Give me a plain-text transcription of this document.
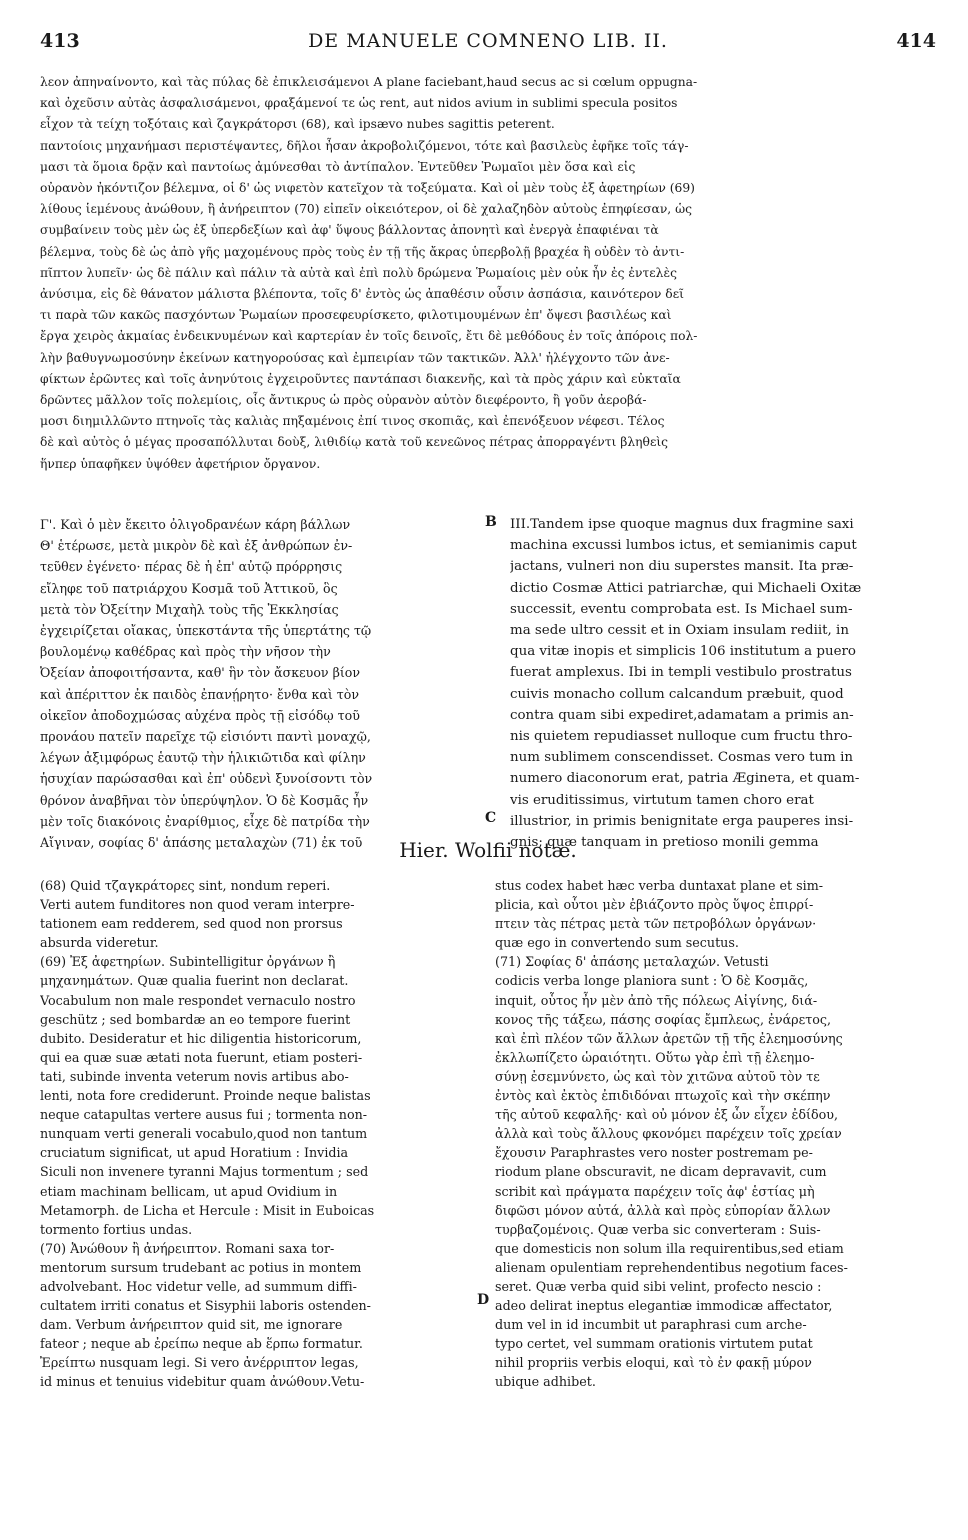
413	DE MANUELE COMNENO LIB. II.	414
λεον ἀπηναίνοντο, καὶ τὰς πύλας δὲ ἐπικλεισάμενοι A plane faciebant,haud secus ac si cœlum oppugna-
καὶ ὀχεῦσιν αὐτὰς ἀσφαλισάμενοι, φραξάμενοί τε ὡς rent, aut nidos avium in sublimi specula positos
εἶχον τὰ τείχη τοξόταις καὶ ζαγκράτορσι (68), καὶ ipsævo nubes sagittis peterent.
παντοίοις μηχανήμασι περιστέψαντες, δῆλοι ἦσαν ἀκροβολιζόμενοι, τότε καὶ βασιλεὺς ἐφῆκε τοῖς τάγ-
μασι τὰ ὅμοια δρᾷν καὶ παντοίως ἀμύνεσθαι τὸ ἀντίπαλον. Ἐντεῦθεν Ῥωμαῖοι μὲν ὅσα καὶ εἰς
οὐρανὸν ἠκόντιζον βέλεμνα, οἱ δ' ὡς νιφετὸν κατεῖχον τὰ τοξεύματα. Καὶ οἱ μὲν τοὺς ἐξ ἀφετηρίων (69)
λίθους ἱεμένους ἀνώθουν, ἢ ἀνήρειπτον (70) εἰπεῖν οἰκειότερον, οἱ δὲ χαλαζηδὸν αὐτοὺς ἐπηφίεσαν, ὡς
συμβαίνειν τοὺς μὲν ὡς ἐξ ὑπερδεξίων καὶ ἀφ' ὕψους βάλλοντας ἀπονητὶ καὶ ἐνεργὰ ἐπαφιέναι τὰ
βέλεμνα, τοὺς δὲ ὡς ἀπὸ γῆς μαχομένους πρὸς τοὺς ἐν τῇ τῆς ἄκρας ὑπερβολῇ βραχέα ἢ οὐδὲν τὸ ἀντι-
πῖπτον λυπεῖν· ὡς δὲ πάλιν καὶ πάλιν τὰ αὐτὰ καὶ ἐπὶ πολὺ δρώμενα Ῥωμαίοις μὲν οὐκ ἦν ἐς ἐντελὲς
ἀνύσιμα, εἰς δὲ θάνατον μάλιστα βλέποντα, τοῖς δ' ἐντὸς ὡς ἀπαθέσιν οὖσιν ἀσπάσια, καινότερον δεῖ
τι παρὰ τῶν κακῶς πασχόντων Ῥωμαίων προσεφευρίσκετο, φιλοτιμουμένων ἐπ' ὄψεσι βασιλέως καὶ
ἔργα χειρὸς ἀκμαίας ἐνδεικνυμένων καὶ καρτερίαν ἐν τοῖς δεινοῖς, ἔτι δὲ μεθόδους ἐν τοῖς ἀπόροις πολ-
λὴν βαθυγνωμοσύνην ἐκείνων κατηγορούσας καὶ ἐμπειρίαν τῶν τακτικῶν. Ἀλλ' ἠλέγχοντο τῶν ἀνε-
φίκτων ἐρῶντες καὶ τοῖς ἀνηνύτοις ἐγχειροῦντες παντάπασι διακενῆς, καὶ τὰ πρὸς χάριν καὶ εὐκταῖα
δρῶντες μᾶλλον τοῖς πολεμίοις, οἷς ἄντικρυς ὡ πρὸς οὐρανὸν αὐτὸν διεφέροντο, ἢ γοῦν ἀεροβά-
μοσι διημιλλῶντο πτηνοῖς τὰς καλιὰς πηξαμένοις ἐπί τινος σκοπιᾶς, καὶ ἐπενόξευον νέφεσι. Τέλος
δὲ καὶ αὐτὸς ὁ μέγας προσαπόλλυται δοὺξ, λιθιδίῳ κατὰ τοῦ κενεῶνος πέτρας ἀπορραγέντι βληθεὶς
ἥνπερ ὑπαφῆκεν ὑψόθεν ἀφετήριον ὄργανον.
Γ'. Καὶ ὁ μὲν ἔκειτο ὀλιγοδρανέων κάρη βάλλων
Θ' ἑτέρωσε, μετὰ μικρὸν δὲ καὶ ἐξ ἀνθρώπων ἐν-
τεῦθεν ἐγένετο· πέρας δὲ ἡ ἐπ' αὐτῷ πρόρρησις
εἴληφε τοῦ πατριάρχου Κοσμᾶ τοῦ Ἀττικοῦ, ὃς
μετὰ τὸν Ὀξείτην Μιχαὴλ τοὺς τῆς Ἐκκλησίας
ἐγχειρίζεται οἴακας, ὑπεκστάντα τῆς ὑπερτάτης τῷ
βουλομένῳ καθέδρας καὶ πρὸς τὴν νῆσον τὴν
Ὀξείαν ἀποφοιτήσαντα, καθ' ἣν τὸν ἄσκευον βίον
καὶ ἀπέριττον ἐκ παιδὸς ἐπανῄρητο· ἔνθα καὶ τὸν
οἰκεῖον ἀποδοχμώσας αὐχένα πρὸς τῇ εἰσόδῳ τοῦ
προνάου πατεῖν παρεῖχε τῷ εἰσιόντι παντὶ μοναχῷ,
λέγων ἀξιμφόρως ἑαυτῷ τὴν ἡλικιῶτιδα καὶ φίλην
ἡσυχίαν παρώσασθαι καὶ ἐπ' οὐδενὶ ξυνοίσοντι τὸν
θρόνον ἀναβῆναι τὸν ὑπερύψηλον. Ὁ δὲ Κοσμᾶς ἦν
μὲν τοῖς διακόνοις ἐναρίθμιος, εἶχε δὲ πατρίδα τὴν
Αἴγιναν, σοφίας δ' ἁπάσης μεταλαχὼν (71) ἐκ τοῦ
III.Tandem ipse quoque magnus dux fragmine saxi
machina excussi lumbos ictus, et semianimis caput
jactans, vulneri non diu superstes mansit. Ita præ-
dictio Cosmæ Attici patriarchæ, qui Michaeli Oxitæ
successit, eventu comprobata est. Is Michael sum-
ma sede ultro cessit et in Oxiam insulam rediit, in
qua vitæ inopis et simplicis 106 institutum a puero
fuerat amplexus. Ibi in templi vestibulo prostratus
cuivis monacho collum calcandum præbuit, quod
contra quam sibi expediret,adamatam a primis an-
nis quietem repudiasset nulloque cum fructu thro-
num sublimem conscendisset. Cosmas vero tum in
numero diaconorum erat, patria Æginета, et quam-
vis eruditissimus, virtutum tamen choro erat
illustrior, in primis benignitate erga pauperes insi-
gnis; quæ tanquam in pretioso monili gemma
B
C
Hier. Wolfii notæ.
(68) Quid τζαγκράτορες sint, nondum reperi.
Verti autem funditores non quod veram interpre-
tationem eam redderem, sed quod non prorsus
absurda videretur.
(69) Ἐξ ἀφετηρίων. Subintelligitur ὀργάνων ἢ
μηχανημάτων. Quæ qualia fuerint non declarat.
Vocabulum non male respondet vernaculo nostro
geschütz ; sed bombardæ an eo tempore fuerint
dubito. Desideratur et hic diligentia historicorum,
qui ea quæ suæ ætati nota fuerunt, etiam posteri-
tati, subinde inventa veterum novis artibus abo-
lenti, nota fore crediderunt. Proinde neque balistas
neque catapultas vertere ausus fui ; tormenta non-
nunquam verti generali vocabulo,quod non tantum
cruciatum significat, ut apud Horatium : Invidia
Siculi non invenere tyranni Majus tormentum ; sed
etiam machinam bellicam, ut apud Ovidium in
Metamorph. de Licha et Hercule : Misit in Euboicas
tormento fortius undas.
(70) Ἀνώθουν ἢ ἀνήρειπτον. Romani saxa tor-
mentorum sursum trudebant ac potius in montem
advolvebant. Hoc videtur velle, ad summum diffi-
cultatem irriti conatus et Sisyphii laboris ostenden-
dam. Verbum ἀνήρειπτον quid sit, me ignorare
fateor ; neque ab ἐρείπω neque ab ἕρπω formatur.
Ἐρείπτω nusquam legi. Si vero ἀνέρριπτον legas,
id minus et tenuius videbitur quam ἀνώθουν.Vetu-
D
stus codex habet hæc verba duntaxat plane et sim-
plicia, καὶ οὗτοι μὲν ἐβιάζοντο πρὸς ὕψος ἐπιρρί-
πτειν τὰς πέτρας μετὰ τῶν πετροβόλων ὀργάνων·
quæ ego in convertendo sum secutus.
(71) Σοφίας δ' ἁπάσης μεταλαχών. Vetusti
codicis verba longe planiora sunt : Ὁ δὲ Κοσμᾶς,
inquit, οὗτος ἦν μὲν ἀπὸ τῆς πόλεως Αἰγίνης, διά-
κονος τῆς τάξεω, πάσης σοφίας ἔμπλεως, ἐνάρετος,
καὶ ἐπὶ πλέον τῶν ἄλλων ἀρετῶν τῇ τῆς ἐλεημοσύνης
ἐκλλωπίζετο ὡραιότητι. Οὕτω γὰρ ἐπὶ τῇ ἐλεημο-
σύνῃ ἐσεμνύνετο, ὡς καὶ τὸν χιτῶνα αὐτοῦ τὸν τε
ἐντὸς καὶ ἐκτὸς ἐπιδιδόναι πτωχοῖς καὶ τὴν σκέπην
τῆς αὐτοῦ κεφαλῆς· καὶ οὐ μόνον ἐξ ὧν εἶχεν ἐδίδου,
ἀλλὰ καὶ τοὺς ἄλλους φκονόμει παρέχειν τοῖς χρείαν
ἔχουσιν Paraphrastes vero noster postremam pe-
riodum plane obscuravit, ne dicam depravavit, cum
scribit καὶ πράγματα παρέχειν τοῖς ἀφ' ἑστίας μὴ
διφῶσι μόνον αὐτά, ἀλλὰ καὶ πρὸς εὐπορίαν ἄλλων
τυρβαζομένοις. Quæ verba sic converteram : Suis-
que domesticis non solum illa requirentibus,sed etiam
alienam opulentiam reprehendentibus negotium faces-
seret. Quæ verba quid sibi velint, profecto nescio :
adeo delirat ineptus elegantiæ immodicæ affectator,
dum vel in id incumbit ut paraphrasi cum arche-
typo certet, vel summam orationis virtutem putat
nihil propriis verbis eloqui, καὶ τὸ ἐν φακῇ μύρον
ubique adhibet.
